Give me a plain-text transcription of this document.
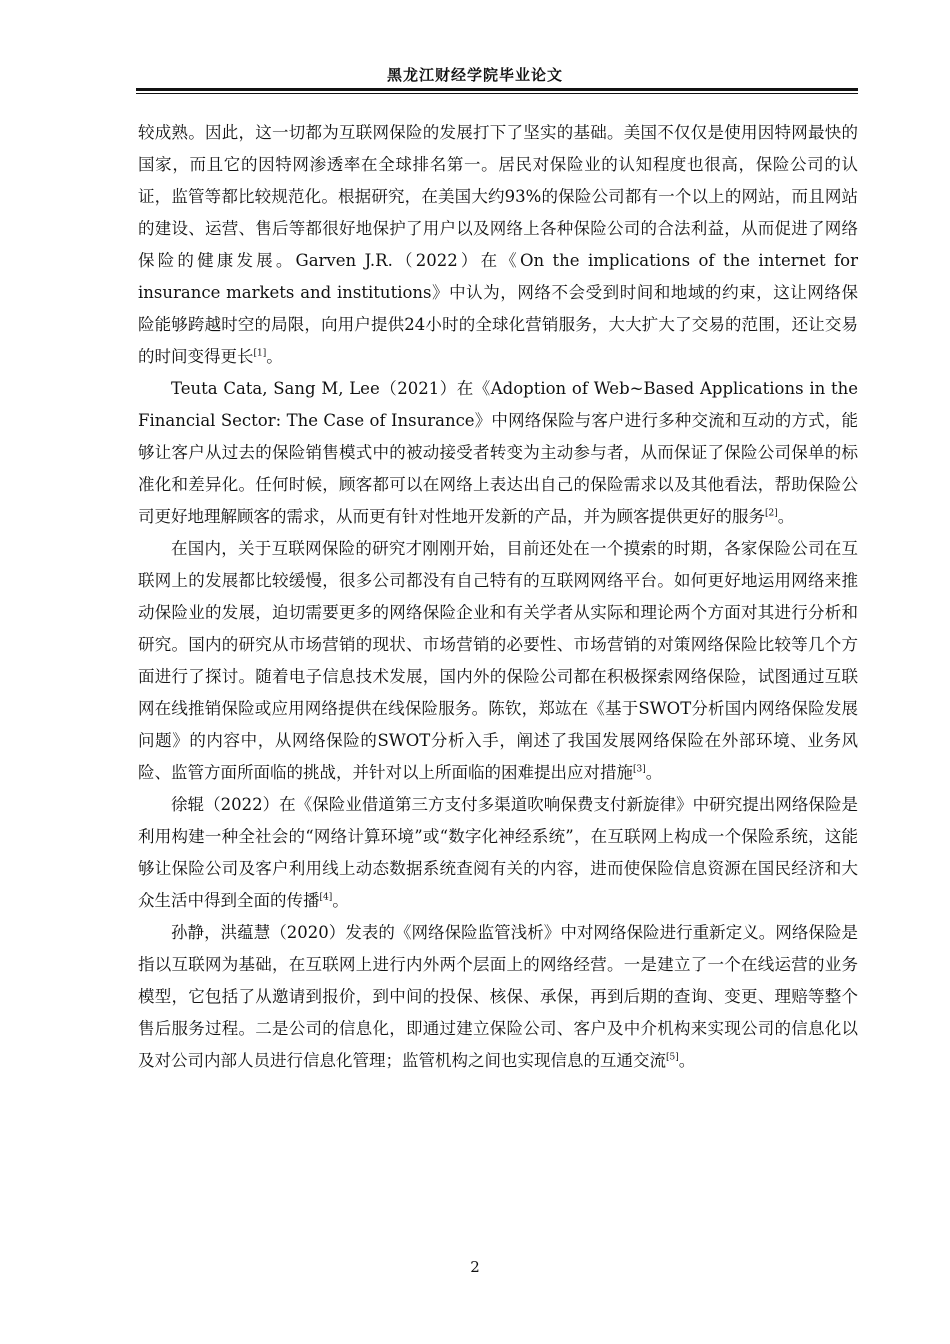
黑龙江财经学院毕业论文

较成熟。因此，这一切都为互联网保险的发展打下了坚实的基础。美国不仅仅是使用因特网最快的国家，而且它的因特网渗透率在全球排名第一。居民对保险业的认知程度也很高，保险公司的认证，监管等都比较规范化。根据研究，在美国大约93%的保险公司都有一个以上的网站，而且网站的建设、运营、售后等都很好地保护了用户以及网络上各种保险公司的合法利益，从而促进了网络保险的健康发展。Garven J.R.（2022）在《On the implications of the internet for insurance markets and institutions》中认为，网络不会受到时间和地域的约束，这让网络保险能够跨越时空的局限，向用户提供24小时的全球化营销服务，大大扩大了交易的范围，还让交易的时间变得更长[1]。

Teuta Cata, Sang M, Lee（2021）在《Adoption of Web~Based Applications in the Financial Sector: The Case of Insurance》中网络保险与客户进行多种交流和互动的方式，能够让客户从过去的保险销售模式中的被动接受者转变为主动参与者，从而保证了保险公司保单的标准化和差异化。任何时候，顾客都可以在网络上表达出自己的保险需求以及其他看法，帮助保险公司更好地理解顾客的需求，从而更有针对性地开发新的产品，并为顾客提供更好的服务[2]。

在国内，关于互联网保险的研究才刚刚开始，目前还处在一个摸索的时期，各家保险公司在互联网上的发展都比较缓慢，很多公司都没有自己特有的互联网网络平台。如何更好地运用网络来推动保险业的发展，迫切需要更多的网络保险企业和有关学者从实际和理论两个方面对其进行分析和研究。国内的研究从市场营销的现状、市场营销的必要性、市场营销的对策网络保险比较等几个方面进行了探讨。随着电子信息技术发展，国内外的保险公司都在积极探索网络保险，试图通过互联网在线推销保险或应用网络提供在线保险服务。陈钦，郑竑在《基于SWOT分析国内网络保险发展问题》的内容中，从网络保险的SWOT分析入手，阐述了我国发展网络保险在外部环境、业务风险、监管方面所面临的挑战，并针对以上所面临的困难提出应对措施[3]。

徐辊（2022）在《保险业借道第三方支付多渠道吹响保费支付新旋律》中研究提出网络保险是利用构建一种全社会的“网络计算环境”或“数字化神经系统”，在互联网上构成一个保险系统，这能够让保险公司及客户利用线上动态数据系统查阅有关的内容，进而使保险信息资源在国民经济和大众生活中得到全面的传播[4]。

孙静，洪蕴慧（2020）发表的《网络保险监管浅析》中对网络保险进行重新定义。网络保险是指以互联网为基础，在互联网上进行内外两个层面上的网络经营。一是建立了一个在线运营的业务模型，它包括了从邀请到报价，到中间的投保、核保、承保，再到后期的查询、变更、理赔等整个售后服务过程。二是公司的信息化，即通过建立保险公司、客户及中介机构来实现公司的信息化以及对公司内部人员进行信息化管理；监管机构之间也实现信息的互通交流[5]。

2
